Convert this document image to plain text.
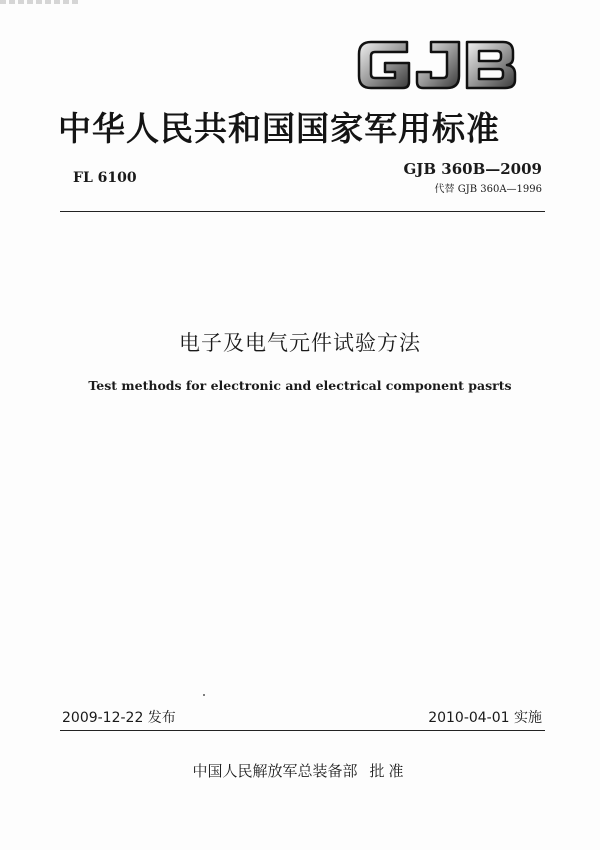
中华人民共和国国家军用标准
FL 6100	GJB 360B—2009
代替 GJB 360A—1996
电子及电气元件试验方法
Test methods for electronic and electrical component pasrts
2009-12-22 发布	2010-04-01 实施
中国人民解放军总装备部 批准
